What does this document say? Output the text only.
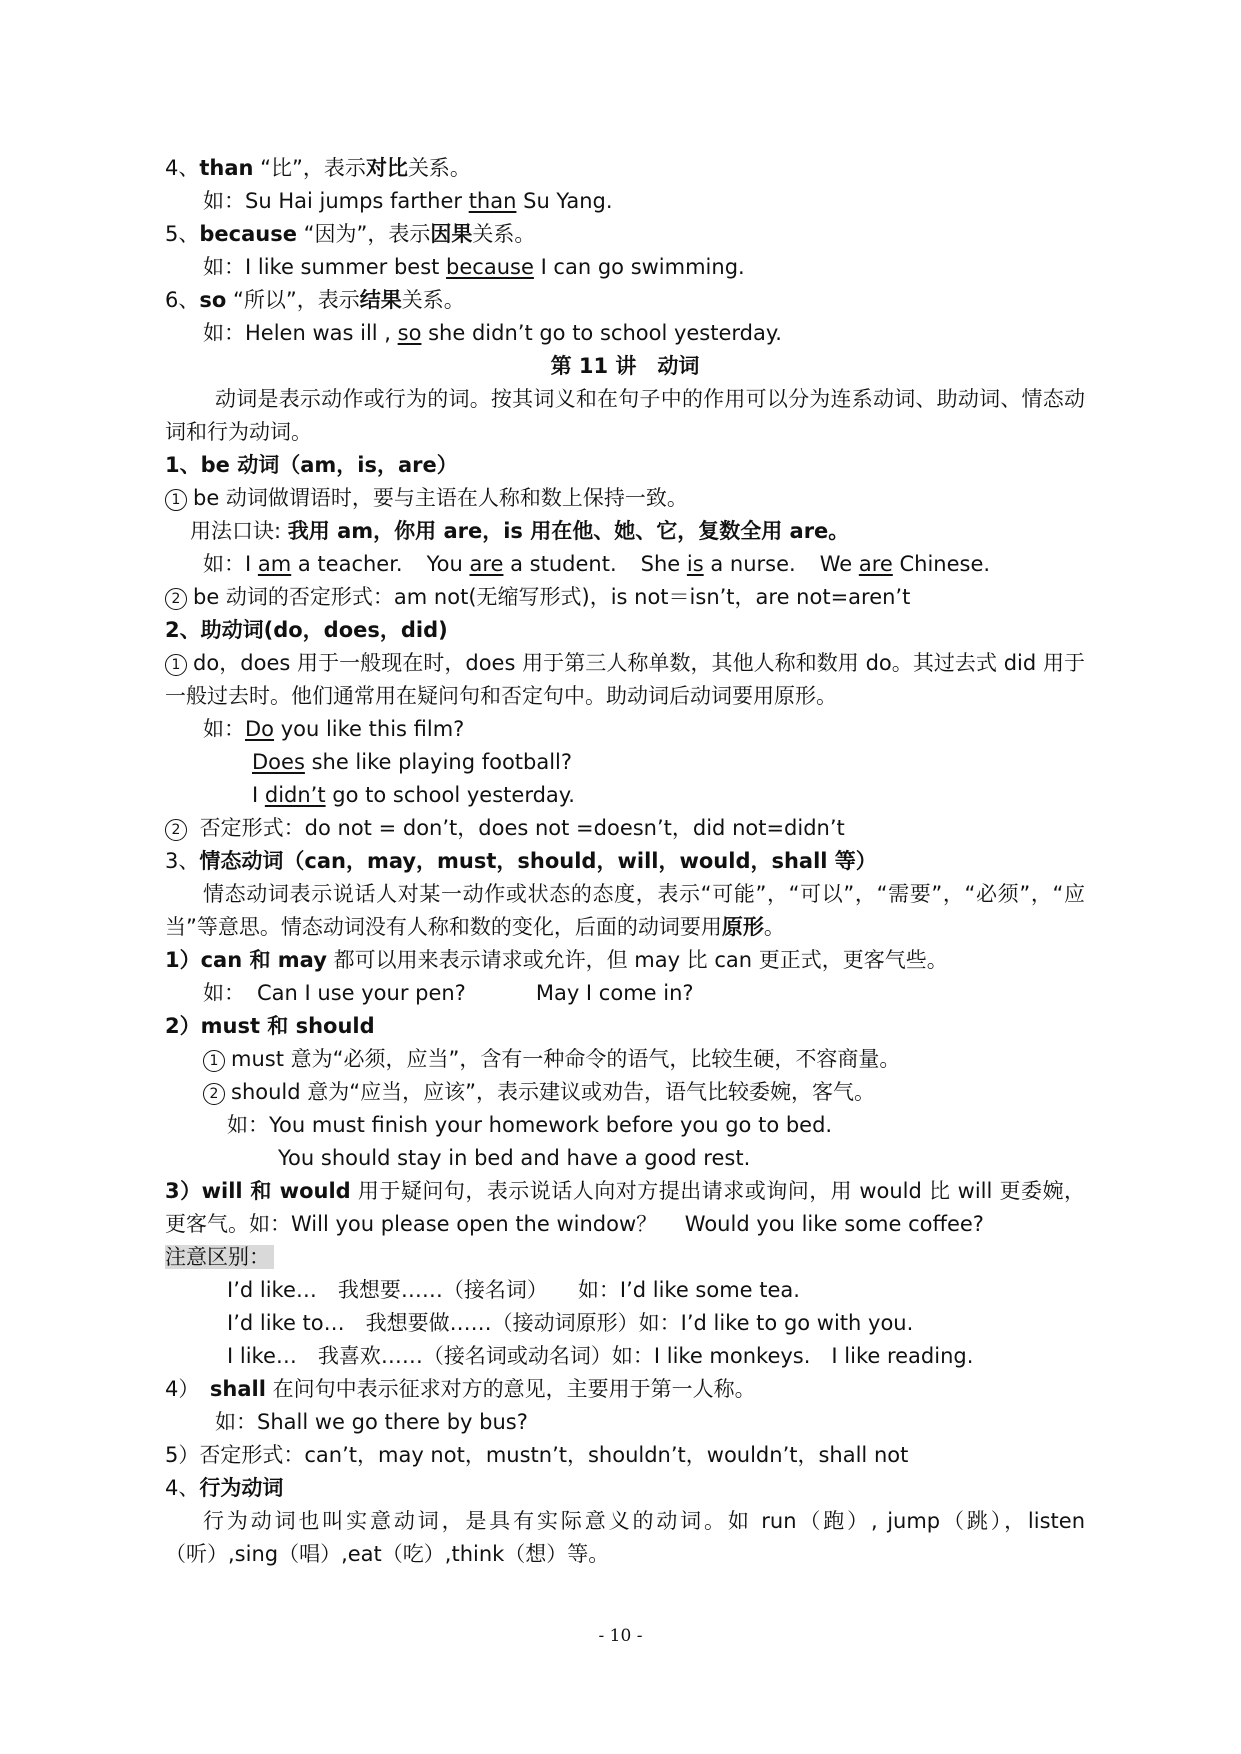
4、than “比”，表示对比关系。
如：Su Hai jumps farther than Su Yang.
5、because “因为”，表示因果关系。
如：I like summer best because I can go swimming.
6、so “所以”，表示结果关系。
如：Helen was ill , so she didn’t go to school yesterday.
第 11 讲　动词
动词是表示动作或行为的词。按其词义和在句子中的作用可以分为连系动词、助动词、情态动词和行为动词。
1、be 动词（am，is，are）
1 be 动词做谓语时，要与主语在人称和数上保持一致。
用法口诀: 我用 am，你用 are，is 用在他、她、它，复数全用 are。
如：I am a teacher. You are a student. She is a nurse. We are Chinese.
2 be 动词的否定形式：am not(无缩写形式)，is not＝isn’t，are not=aren’t
2、助动词(do，does，did)
1 do，does 用于一般现在时，does 用于第三人称单数，其他人称和数用 do。其过去式 did 用于一般过去时。他们通常用在疑问句和否定句中。助动词后动词要用原形。
如：Do you like this film?
Does she like playing football?
I didn’t go to school yesterday.
2 否定形式：do not = don’t，does not =doesn’t，did not=didn’t
3、情态动词（can，may，must，should，will，would，shall 等）
情态动词表示说话人对某一动作或状态的态度，表示“可能”，“可以”，“需要”，“必须”，“应当”等意思。情态动词没有人称和数的变化，后面的动词要用原形。
1）can 和 may 都可以用来表示请求或允许，但 may 比 can 更正式，更客气些。
如： Can I use your pen?	May I come in?
2）must 和 should
1 must 意为“必须，应当”，含有一种命令的语气，比较生硬，不容商量。
2 should 意为“应当，应该”，表示建议或劝告，语气比较委婉，客气。
如：You must finish your homework before you go to bed.
You should stay in bed and have a good rest.
3）will 和 would 用于疑问句，表示说话人向对方提出请求或询问，用 would 比 will 更委婉，更客气。如：Will you please open the window？　 Would you like some coffee?
注意区别：
I’d like…　我想要……（接名词） 如：I’d like some tea.
I’d like to…　我想要做……（接动词原形）如：I’d like to go with you.
I like…　我喜欢……（接名词或动名词）如：I like monkeys.　I like reading.
4）　shall 在问句中表示征求对方的意见，主要用于第一人称。
如：Shall we go there by bus?
5）否定形式：can’t，may not，mustn’t，shouldn’t，wouldn’t，shall not
4、行为动词
行为动词也叫实意动词，是具有实际意义的动词。如 run（跑）, jump（跳），listen（听）,sing（唱）,eat（吃）,think（想）等。
- 10 -
